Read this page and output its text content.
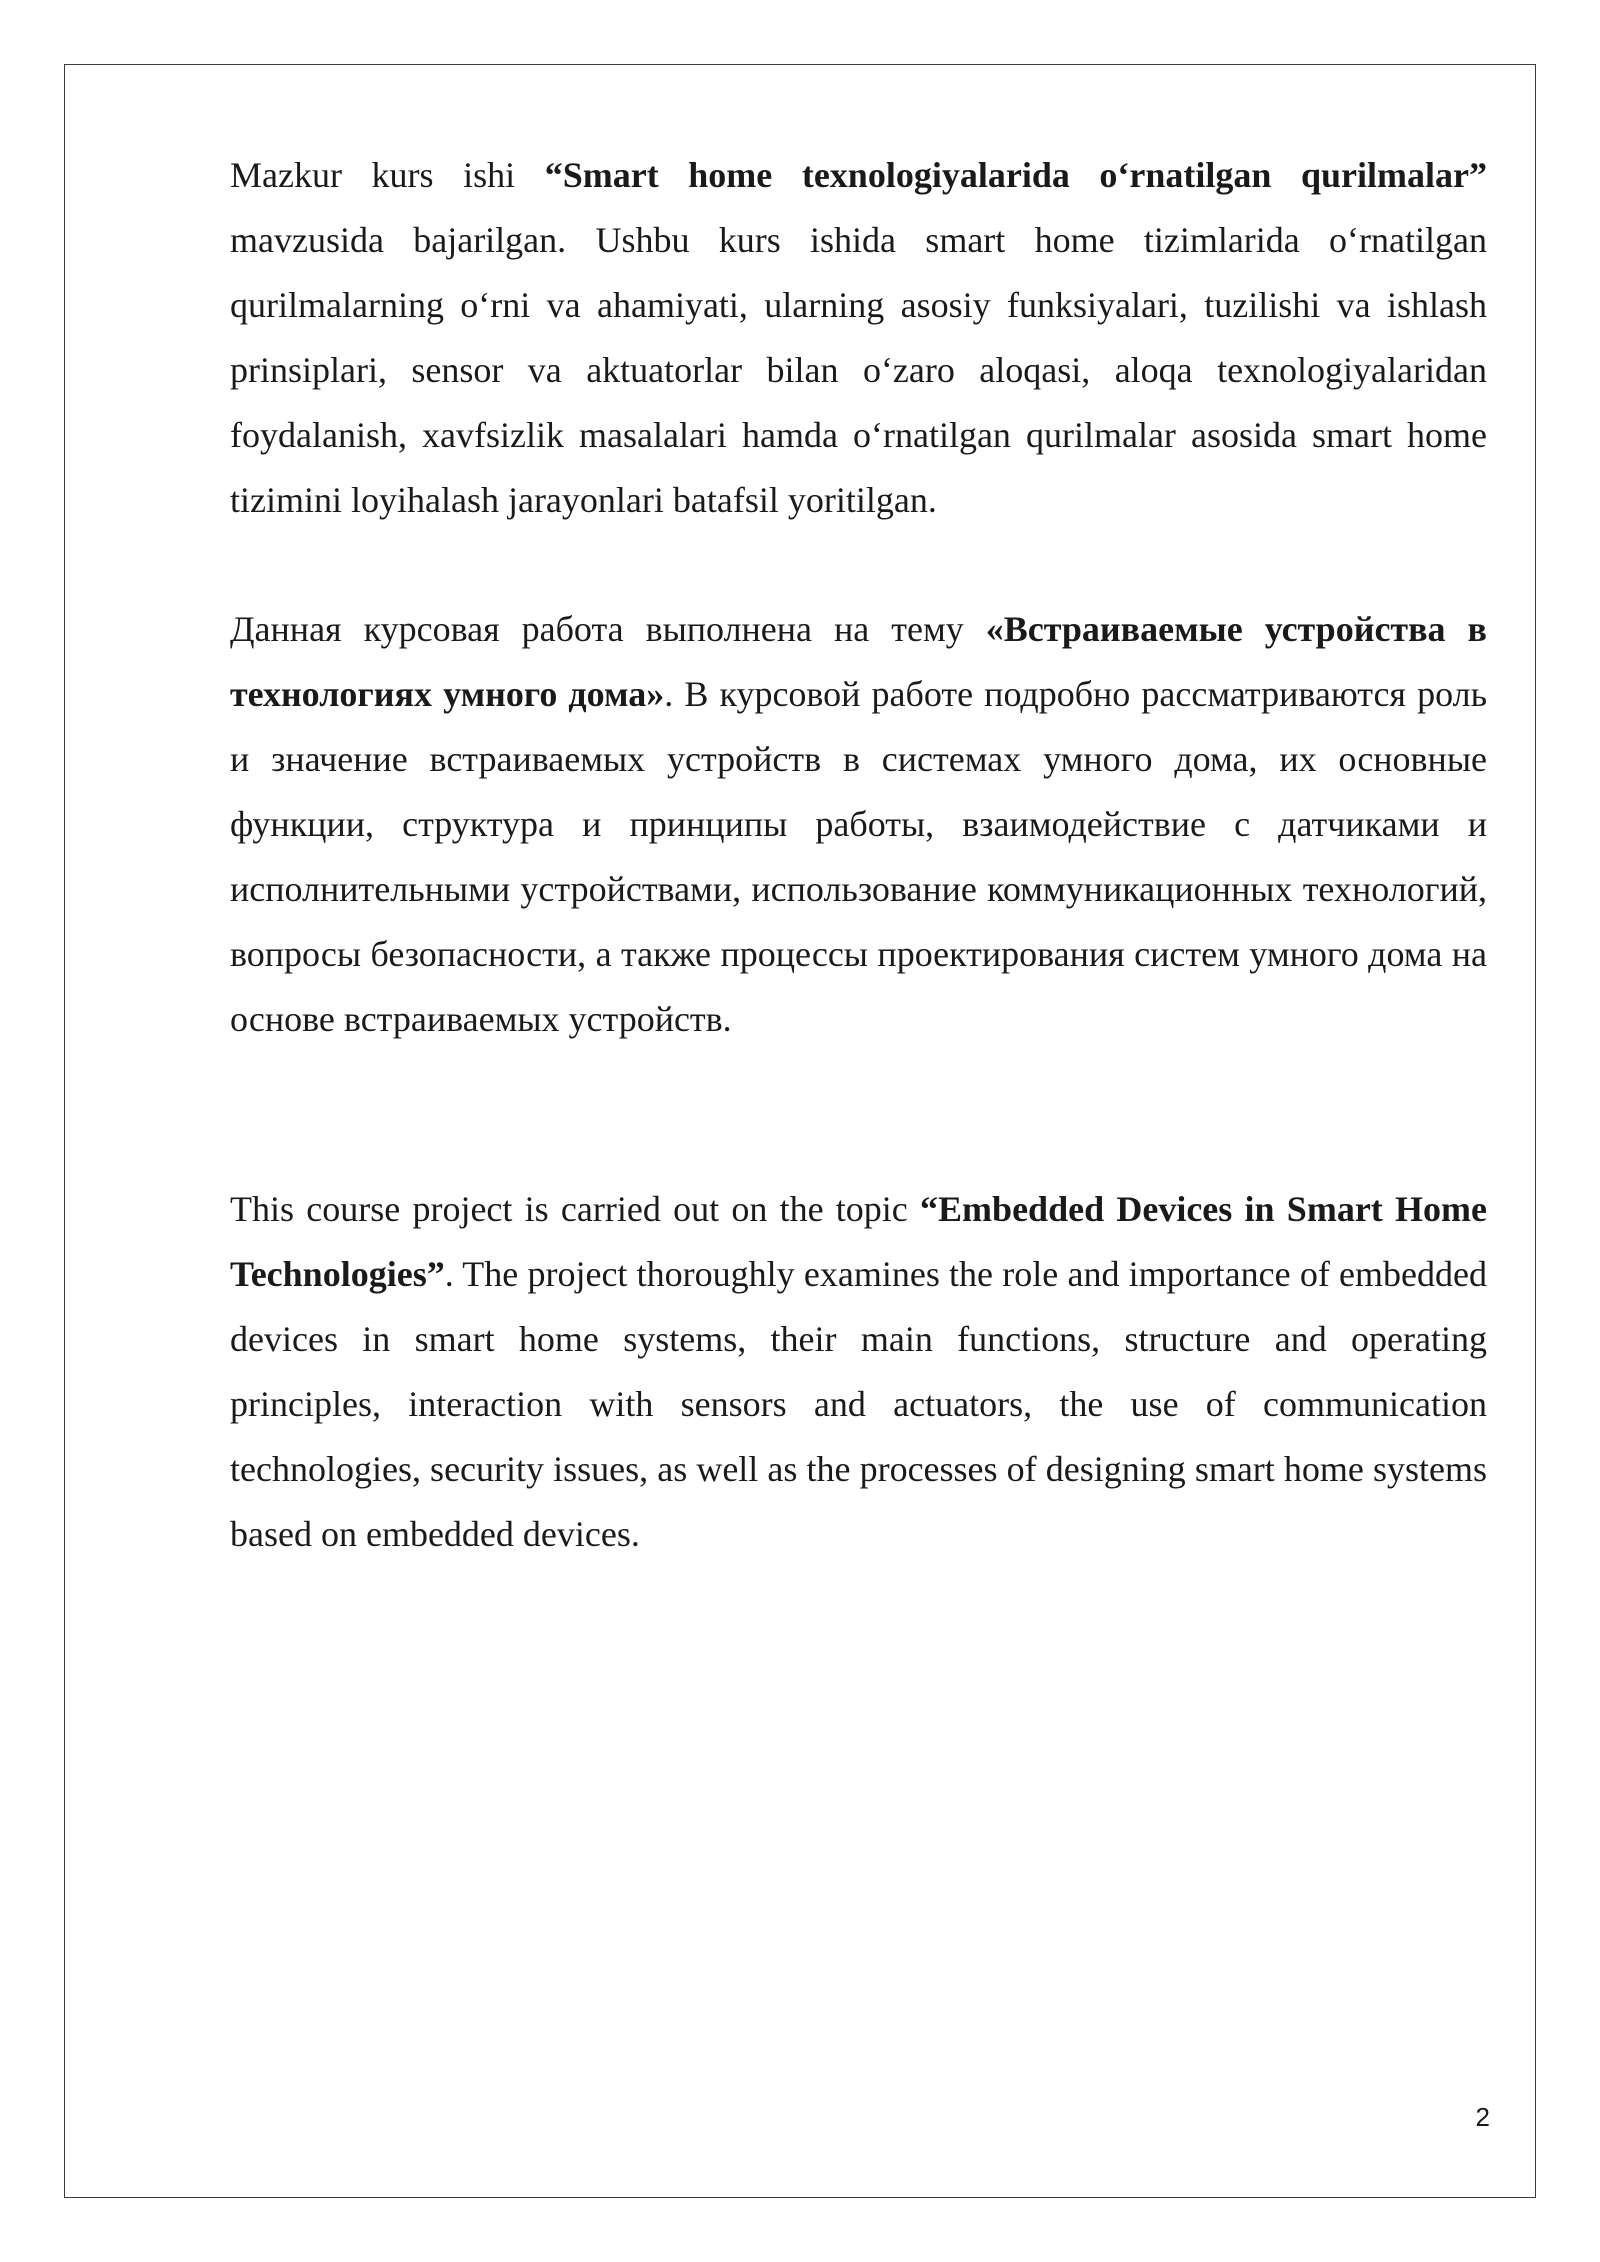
Mazkur kurs ishi “Smart home texnologiyalarida oʻrnatilgan qurilmalar” mavzusida bajarilgan. Ushbu kurs ishida smart home tizimlarida oʻrnatilgan qurilmalarning oʻrni va ahamiyati, ularning asosiy funksiyalari, tuzilishi va ishlash prinsiplari, sensor va aktuatorlar bilan oʻzaro aloqasi, aloqa texnologiyalaridan foydalanish, xavfsizlik masalalari hamda oʻrnatilgan qurilmalar asosida smart home tizimini loyihalash jarayonlari batafsil yoritilgan.

Данная курсовая работа выполнена на тему «Встраиваемые устройства в технологиях умного дома». В курсовой работе подробно рассматриваются роль и значение встраиваемых устройств в системах умного дома, их основные функции, структура и принципы работы, взаимодействие с датчиками и исполнительными устройствами, использование коммуникационных технологий, вопросы безопасности, а также процессы проектирования систем умного дома на основе встраиваемых устройств.

This course project is carried out on the topic “Embedded Devices in Smart Home Technologies”. The project thoroughly examines the role and importance of embedded devices in smart home systems, their main functions, structure and operating principles, interaction with sensors and actuators, the use of communication technologies, security issues, as well as the processes of designing smart home systems based on embedded devices.

2
